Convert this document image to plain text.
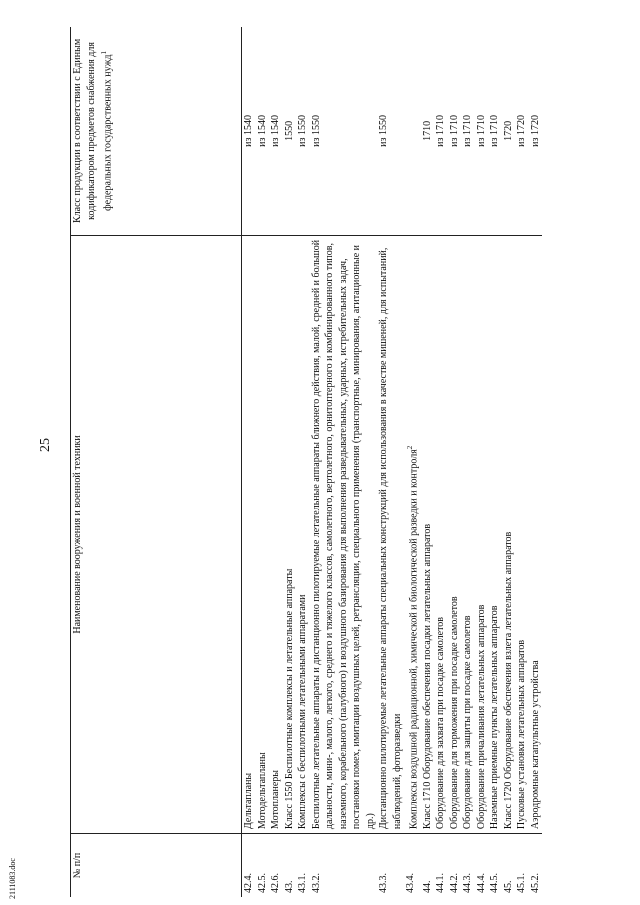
2111083.doc
25
№ п/п	Наименование вооружения и военной техники	Класс продукции в соответствии с Единым кодификатором предметов снабжения для федеральных государственных нужд$^1$
42.4.	Дельтапланы	из 1540
42.5.	Мотодельтапланы	из 1540
42.6.	Мотопланеры	из 1540
43.	Класс 1550 Беспилотные комплексы и летательные аппараты	1550
43.1.	Комплексы с беспилотными летательными аппаратами	из 1550
43.2.	Беспилотные летательные аппараты и дистанционно пилотируемые летательные аппараты ближнего действия, малой, средней и большой дальности, мини-, малого, легкого, среднего и тяжелого классов, самолетного, вертолетного, орнитоптерного и комбинированного типов, наземного, корабельного (палубного) и воздушного базирования для выполнения разведывательных, ударных, истребительных задач, постановки помех, имитации воздушных целей, ретрансляции, специального применения (транспортные, минирования, агитационные и др.)	из 1550
43.3.	Дистанционно пилотируемые летательные аппараты специальных конструкций для использования в качестве мишеней, для испытаний, наблюдений, фоторазведки	из 1550
43.4.	Комплексы воздушной радиационной, химической и биологической разведки и контроля$^2$	
44.	Класс 1710 Оборудование обеспечения посадки летательных аппаратов	1710
44.1.	Оборудование для захвата при посадке самолетов	из 1710
44.2.	Оборудование для торможения при посадке самолетов	из 1710
44.3.	Оборудование для защиты при посадке самолетов	из 1710
44.4.	Оборудование причаливания летательных аппаратов	из 1710
44.5.	Наземные приемные пункты летательных аппаратов	из 1710
45.	Класс 1720 Оборудование обеспечения взлета летательных аппаратов	1720
45.1.	Пусковые установки летательных аппаратов	из 1720
45.2.	Аэродромные катапультные устройства	из 1720
